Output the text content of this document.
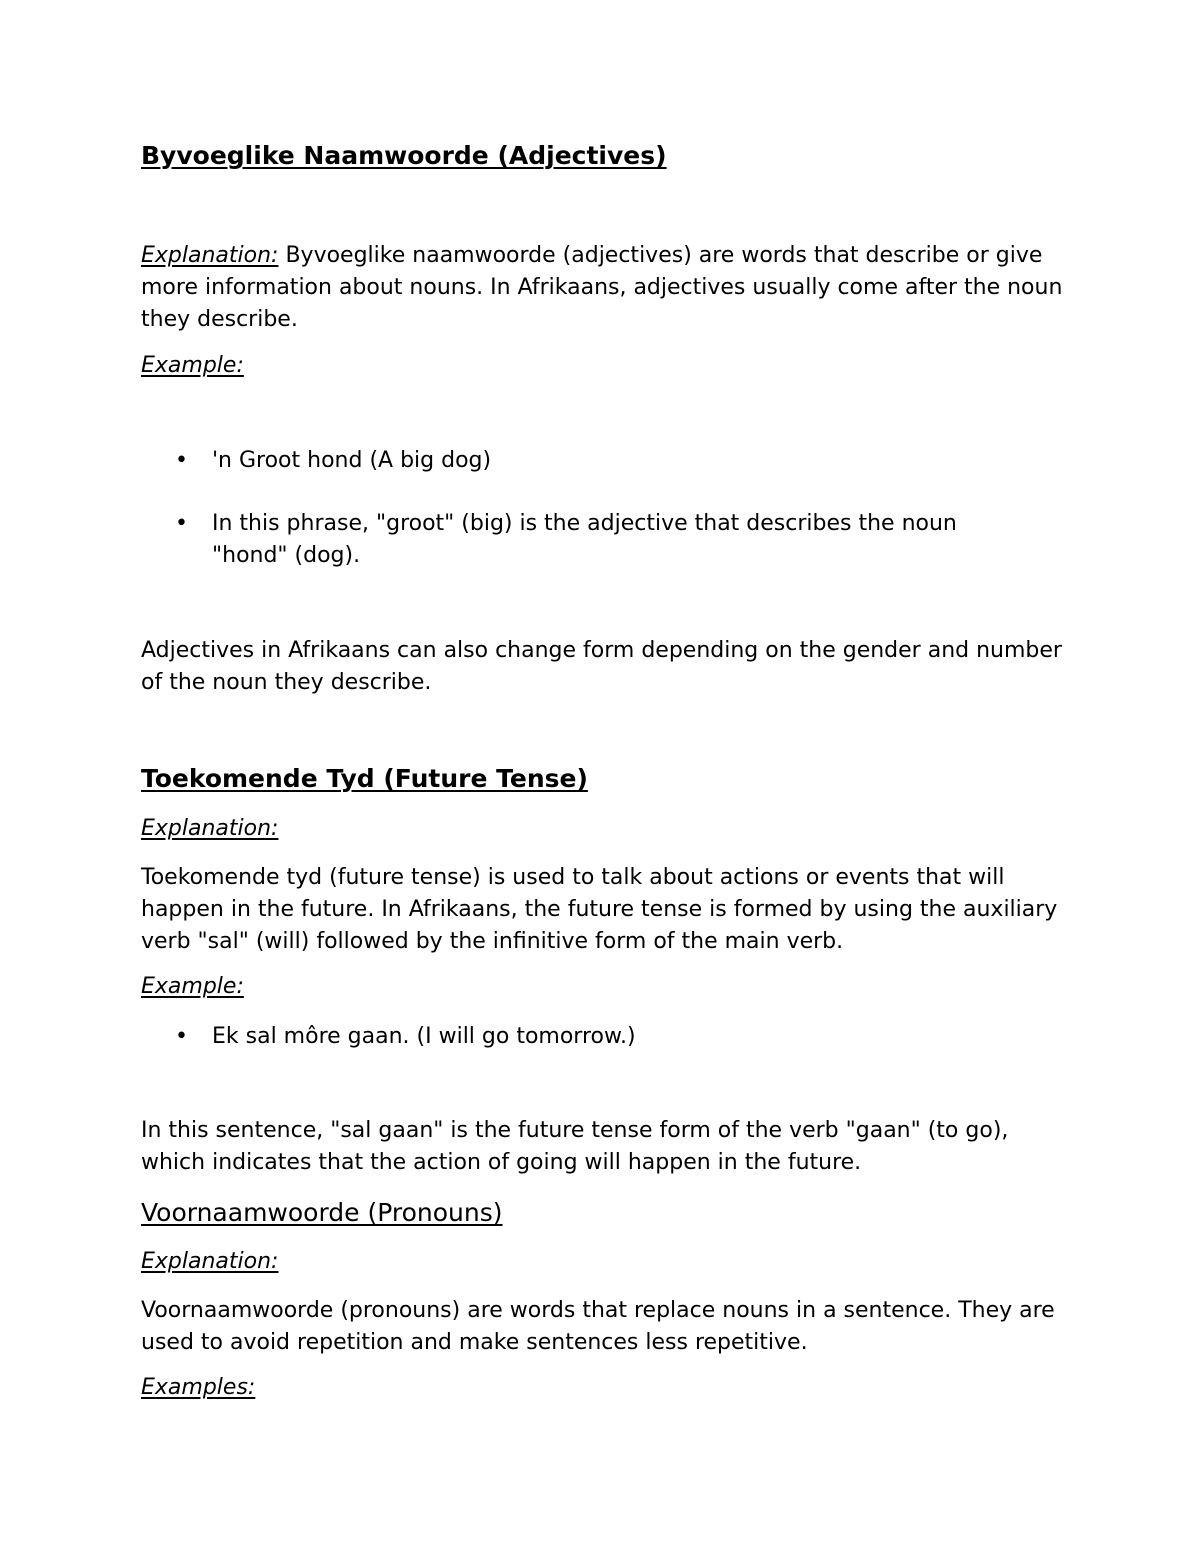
Byvoeglike Naamwoorde (Adjectives)
Explanation: Byvoeglike naamwoorde (adjectives) are words that describe or give more information about nouns. In Afrikaans, adjectives usually come after the noun they describe.
Example:
• 'n Groot hond (A big dog)
• In this phrase, "groot" (big) is the adjective that describes the noun "hond" (dog).
Adjectives in Afrikaans can also change form depending on the gender and number of the noun they describe.
Toekomende Tyd (Future Tense)
Explanation:
Toekomende tyd (future tense) is used to talk about actions or events that will happen in the future. In Afrikaans, the future tense is formed by using the auxiliary verb "sal" (will) followed by the infinitive form of the main verb.
Example:
• Ek sal môre gaan. (I will go tomorrow.)
In this sentence, "sal gaan" is the future tense form of the verb "gaan" (to go), which indicates that the action of going will happen in the future.
Voornaamwoorde (Pronouns)
Explanation:
Voornaamwoorde (pronouns) are words that replace nouns in a sentence. They are used to avoid repetition and make sentences less repetitive.
Examples:
